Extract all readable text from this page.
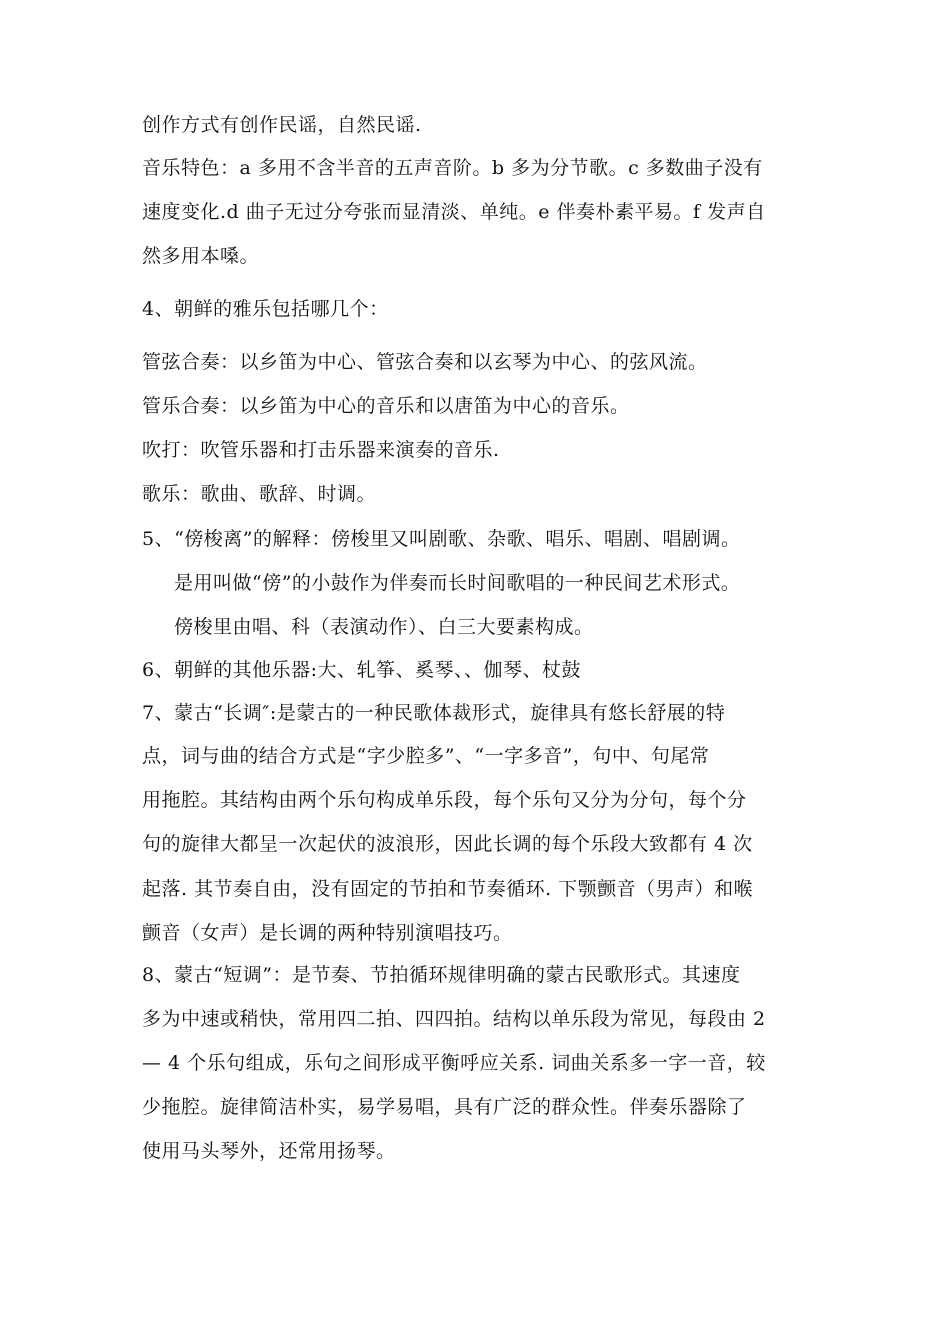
创作方式有创作民谣，自然民谣.
音乐特色：a 多用不含半音的五声音阶。b 多为分节歌。c 多数曲子没有
速度变化.d 曲子无过分夸张而显清淡、单纯。e 伴奏朴素平易。f 发声自
然多用本嗓。
4、朝鲜的雅乐包括哪几个：
管弦合奏：以乡笛为中心、管弦合奏和以玄琴为中心、的弦风流。
管乐合奏：以乡笛为中心的音乐和以唐笛为中心的音乐。
吹打：吹管乐器和打击乐器来演奏的音乐.
歌乐：歌曲、歌辞、时调。
5、“傍梭离”的解释：傍梭里又叫剧歌、杂歌、唱乐、唱剧、唱剧调。
是用叫做“傍”的小鼓作为伴奏而长时间歌唱的一种民间艺术形式。
傍梭里由唱、科（表演动作）、白三大要素构成。
6、朝鲜的其他乐器:大、轧筝、奚琴、、伽琴、杖鼓
7、蒙古“长调″:是蒙古的一种民歌体裁形式，旋律具有悠长舒展的特
点，词与曲的结合方式是“字少腔多”、“一字多音”，句中、句尾常
用拖腔。其结构由两个乐句构成单乐段，每个乐句又分为分句，每个分
句的旋律大都呈一次起伏的波浪形，因此长调的每个乐段大致都有 4 次
起落. 其节奏自由，没有固定的节拍和节奏循环. 下颚颤音（男声）和喉
颤音（女声）是长调的两种特别演唱技巧。
8、蒙古“短调”：是节奏、节拍循环规律明确的蒙古民歌形式。其速度
多为中速或稍快，常用四二拍、四四拍。结构以单乐段为常见，每段由 2
— 4 个乐句组成，乐句之间形成平衡呼应关系. 词曲关系多一字一音，较
少拖腔。旋律简洁朴实，易学易唱，具有广泛的群众性。伴奏乐器除了
使用马头琴外，还常用扬琴。
